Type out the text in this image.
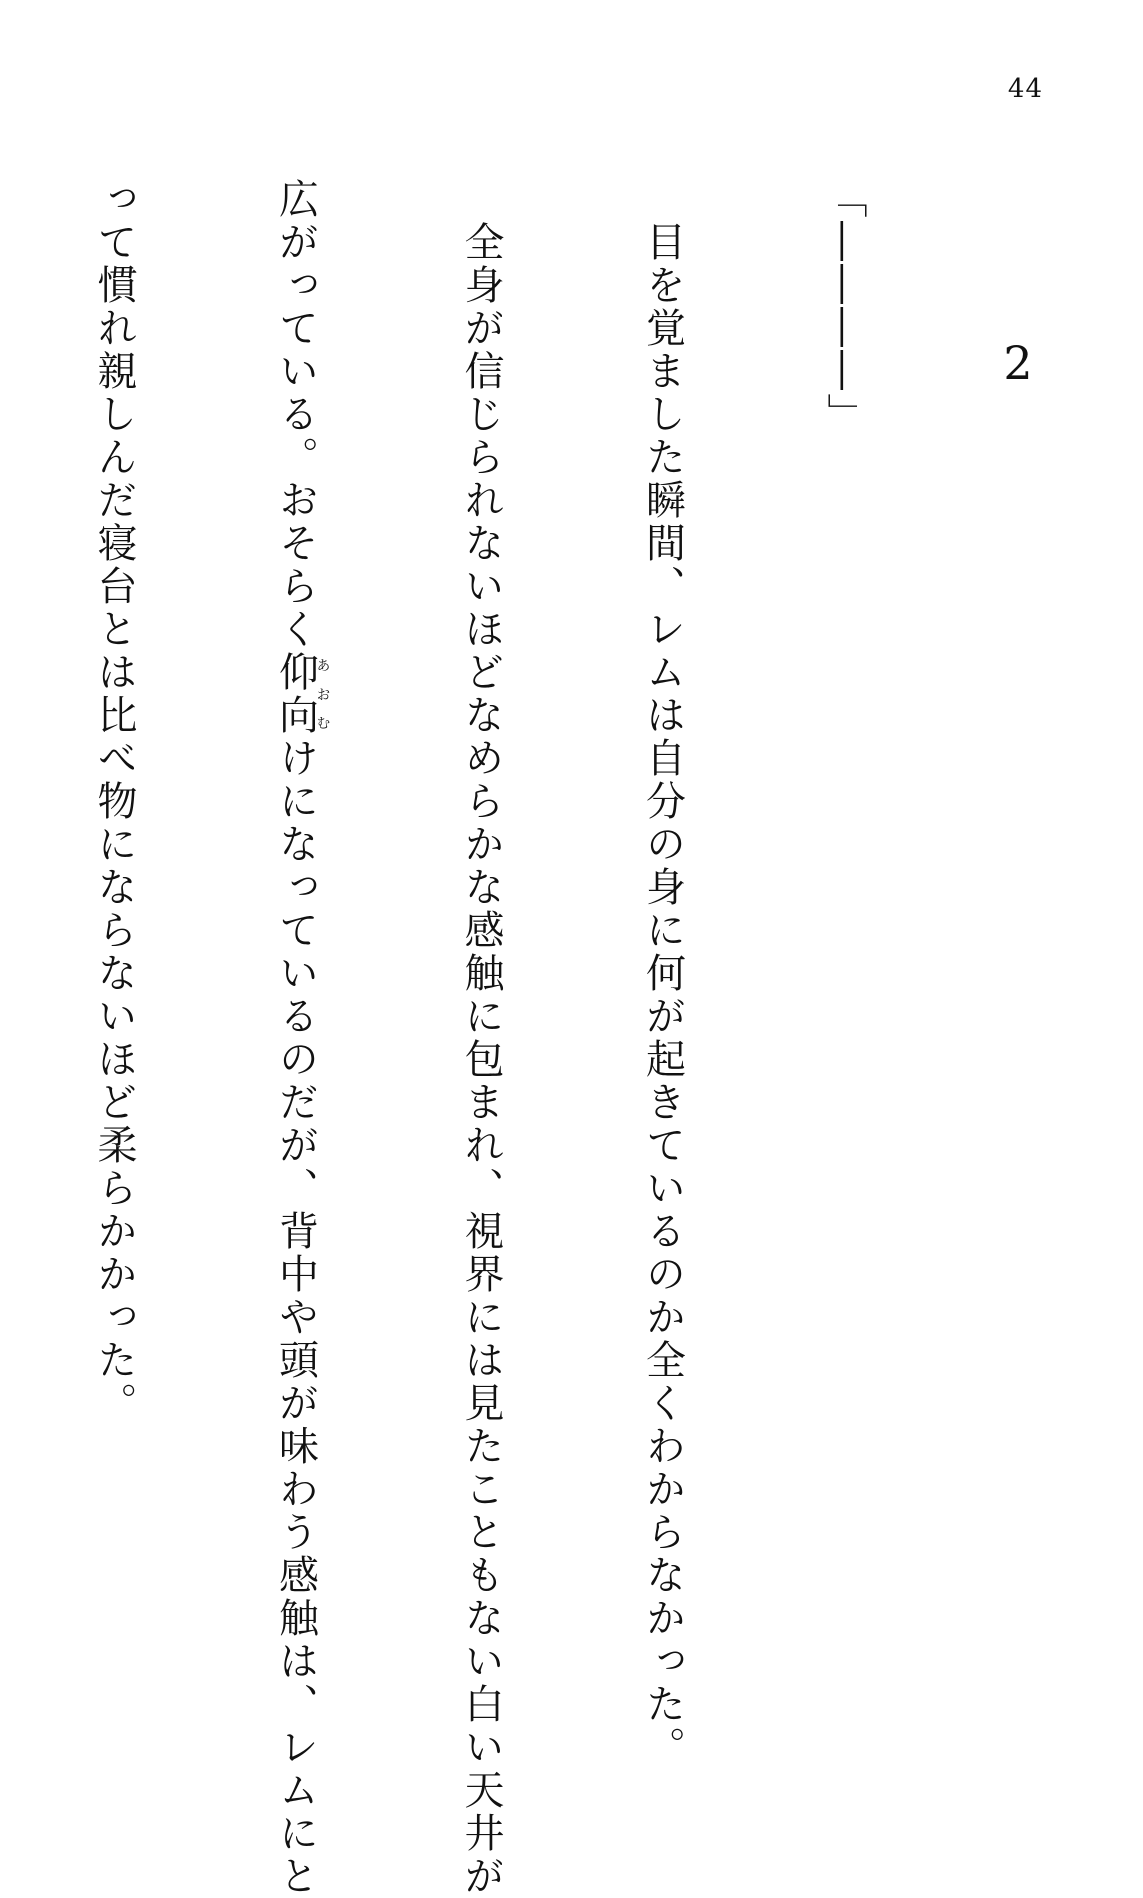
44
2

「――――」

　目を覚ました瞬間、レムは自分の身に何が起きているのか全くわからなかった。

　全身が信じられないほどなめらかな感触に包まれ、視界には見たこともない白い天井が

広がっている。おそらく仰向あおむけになっているのだが、背中や頭が味わう感触は、レムにと

って慣れ親しんだ寝台とは比べ物にならないほど柔らかかった。
